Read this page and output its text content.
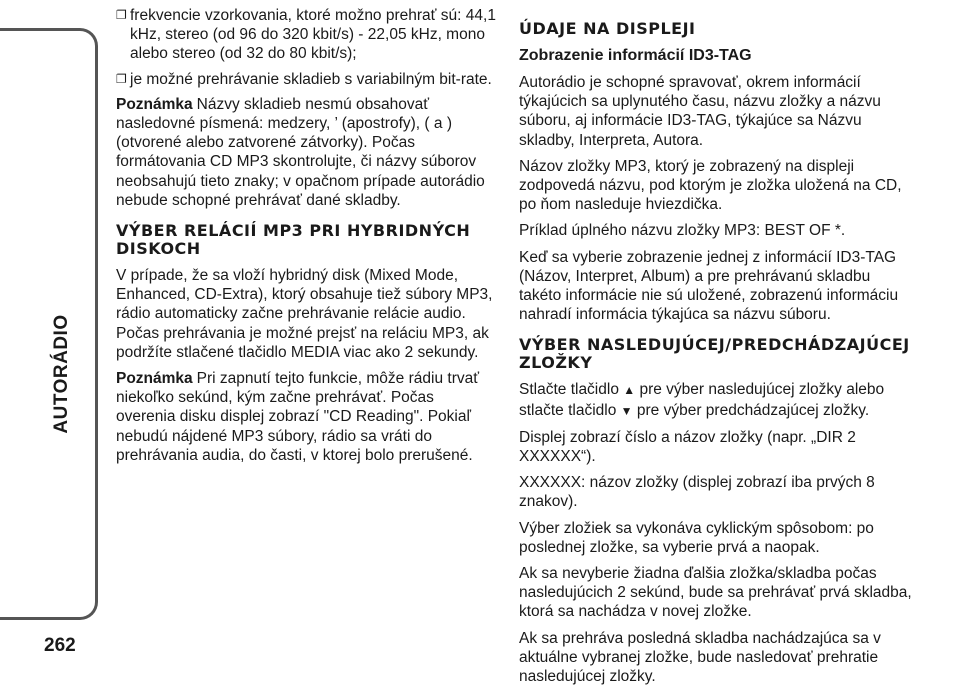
AUTORÁDIO
262
❐ frekvencie vzorkovania, ktoré možno prehrať sú: 44,1 kHz, stereo (od 96 do 320 kbit/s) - 22,05 kHz, mono alebo stereo (od 32 do 80 kbit/s);
❐ je možné prehrávanie skladieb s variabilným bit-rate.

Poznámka Názvy skladieb nesmú obsahovať nasledovné písmená: medzery, ’ (apostrofy), ( a ) (otvorené alebo zatvorené zátvorky). Počas formátovania CD MP3 skontrolujte, či názvy súborov neobsahujú tieto znaky; v opačnom prípade autorádio nebude schopné prehrávať dané skladby.

VÝBER RELÁCIÍ MP3 PRI HYBRIDNÝCH DISKOCH

V prípade, že sa vloží hybridný disk (Mixed Mode, Enhanced, CD-Extra), ktorý obsahuje tiež súbory MP3, rádio automaticky začne prehrávanie relácie audio. Počas prehrávania je možné prejsť na reláciu MP3, ak podržíte stlačené tlačidlo MEDIA viac ako 2 sekundy.

Poznámka Pri zapnutí tejto funkcie, môže rádiu trvať niekoľko sekúnd, kým začne prehrávať. Počas overenia disku displej zobrazí "CD Reading". Pokiaľ nebudú nájdené MP3 súbory, rádio sa vráti do prehrávania audia, do časti, v ktorej bolo prerušené.

ÚDAJE NA DISPLEJI
Zobrazenie informácií ID3-TAG

Autorádio je schopné spravovať, okrem informácií týkajúcich sa uplynutého času, názvu zložky a názvu súboru, aj informácie ID3-TAG, týkajúce sa Názvu skladby, Interpreta, Autora.

Názov zložky MP3, ktorý je zobrazený na displeji zodpovedá názvu, pod ktorým je zložka uložená na CD, po ňom nasleduje hviezdička.

Príklad úplného názvu zložky MP3: BEST OF *.

Keď sa vyberie zobrazenie jednej z informácií ID3-TAG (Názov, Interpret, Album) a pre prehrávanú skladbu takéto informácie nie sú uložené, zobrazenú informáciu nahradí informácia týkajúca sa názvu súboru.

VÝBER NASLEDUJÚCEJ/PREDCHÁDZAJÚCEJ ZLOŽKY

Stlačte tlačidlo ▲ pre výber nasledujúcej zložky alebo stlačte tlačidlo ▼ pre výber predchádzajúcej zložky.

Displej zobrazí číslo a názov zložky (napr. „DIR 2 XXXXXX“).

XXXXXX: názov zložky (displej zobrazí iba prvých 8 znakov).

Výber zložiek sa vykonáva cyklickým spôsobom: po poslednej zložke, sa vyberie prvá a naopak.

Ak sa nevyberie žiadna ďalšia zložka/skladba počas nasledujúcich 2 sekúnd, bude sa prehrávať prvá skladba, ktorá sa nachádza v novej zložke.

Ak sa prehráva posledná skladba nachádzajúca sa v aktuálne vybranej zložke, bude nasledovať prehratie nasledujúcej zložky.
